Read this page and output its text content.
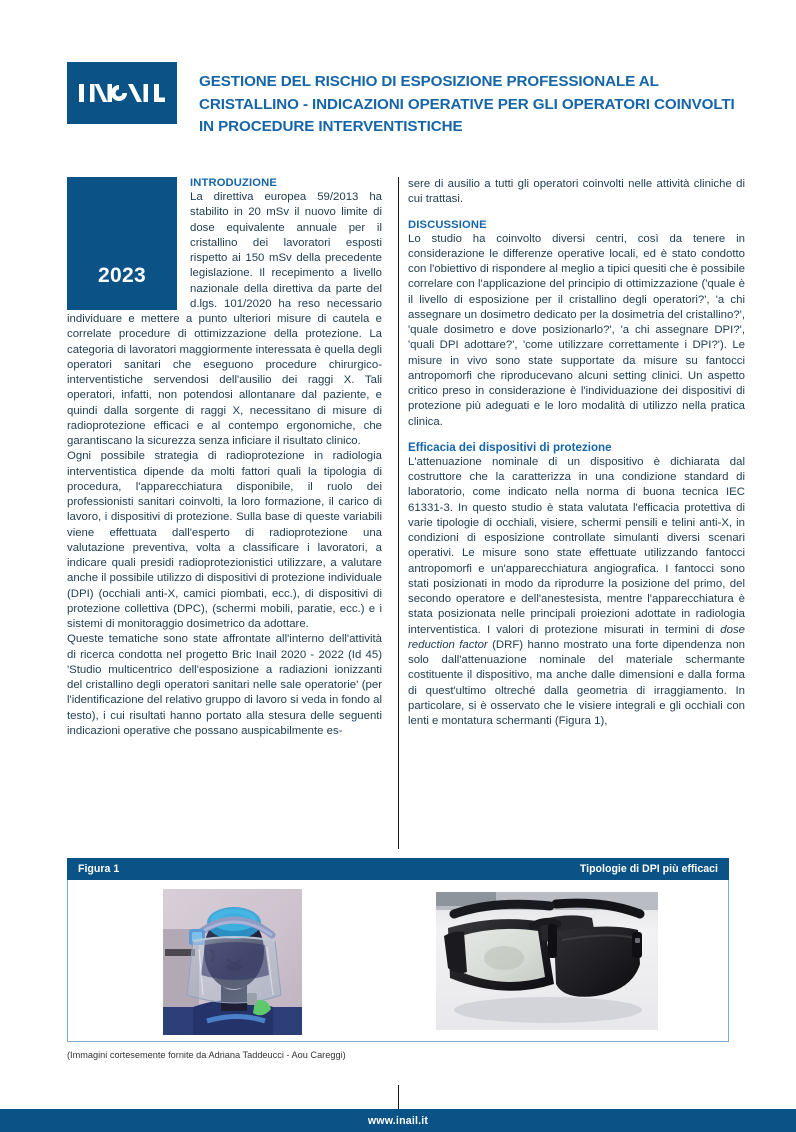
GESTIONE DEL RISCHIO DI ESPOSIZIONE PROFESSIONALE AL CRISTALLINO - INDICAZIONI OPERATIVE PER GLI OPERATORI COINVOLTI IN PROCEDURE INTERVENTISTICHE
2023
INTRODUZIONE

La direttiva europea 59/2013 ha stabilito in 20 mSv il nuovo limite di dose equivalente annuale per il cristallino dei lavoratori esposti rispetto ai 150 mSv della precedente legislazione. Il recepimento a livello nazionale della direttiva da parte del d.lgs. 101/2020 ha reso necessario individuare e mettere a punto ulteriori misure di cautela e correlate procedure di ottimizzazione della protezione. La categoria di lavoratori maggiormente interessata è quella degli operatori sanitari che eseguono procedure chirurgico-interventistiche servendosi dell'ausilio dei raggi X. Tali operatori, infatti, non potendosi allontanare dal paziente, e quindi dalla sorgente di raggi X, necessitano di misure di radioprotezione efficaci e al contempo ergonomiche, che garantiscano la sicurezza senza inficiare il risultato clinico.

Ogni possibile strategia di radioprotezione in radiologia interventistica dipende da molti fattori quali la tipologia di procedura, l'apparecchiatura disponibile, il ruolo dei professionisti sanitari coinvolti, la loro formazione, il carico di lavoro, i dispositivi di protezione. Sulla base di queste variabili viene effettuata dall'esperto di radioprotezione una valutazione preventiva, volta a classificare i lavoratori, a indicare quali presidi radioprotezionistici utilizzare, a valutare anche il possibile utilizzo di dispositivi di protezione individuale (DPI) (occhiali anti-X, camici piombati, ecc.), di dispositivi di protezione collettiva (DPC), (schermi mobili, paratie, ecc.) e i sistemi di monitoraggio dosimetrico da adottare.

Queste tematiche sono state affrontate all'interno dell'attività di ricerca condotta nel progetto Bric Inail 2020 - 2022 (Id 45) 'Studio multicentrico dell'esposizione a radiazioni ionizzanti del cristallino degli operatori sanitari nelle sale operatorie' (per l'identificazione del relativo gruppo di lavoro si veda in fondo al testo), i cui risultati hanno portato alla stesura delle seguenti indicazioni operative che possano auspicabilmente es-

sere di ausilio a tutti gli operatori coinvolti nelle attività cliniche di cui trattasi.

DISCUSSIONE

Lo studio ha coinvolto diversi centri, così da tenere in considerazione le differenze operative locali, ed è stato condotto con l'obiettivo di rispondere al meglio a tipici quesiti che è possibile correlare con l'applicazione del principio di ottimizzazione ('quale è il livello di esposizione per il cristallino degli operatori?', 'a chi assegnare un dosimetro dedicato per la dosimetria del cristallino?', 'quale dosimetro e dove posizionarlo?', 'a chi assegnare DPI?', 'quali DPI adottare?', 'come utilizzare correttamente i DPI?'). Le misure in vivo sono state supportate da misure su fantocci antropomorfi che riproducevano alcuni setting clinici. Un aspetto critico preso in considerazione è l'individuazione dei dispositivi di protezione più adeguati e le loro modalità di utilizzo nella pratica clinica.

Efficacia dei dispositivi di protezione

L'attenuazione nominale di un dispositivo è dichiarata dal costruttore che la caratterizza in una condizione standard di laboratorio, come indicato nella norma di buona tecnica IEC 61331-3. In questo studio è stata valutata l'efficacia protettiva di varie tipologie di occhiali, visiere, schermi pensili e telini anti-X, in condizioni di esposizione controllate simulanti diversi scenari operativi. Le misure sono state effettuate utilizzando fantocci antropomorfi e un'apparecchiatura angiografica. I fantocci sono stati posizionati in modo da riprodurre la posizione del primo, del secondo operatore e dell'anestesista, mentre l'apparecchiatura è stata posizionata nelle principali proiezioni adottate in radiologia interventistica. I valori di protezione misurati in termini di dose reduction factor (DRF) hanno mostrato una forte dipendenza non solo dall'attenuazione nominale del materiale schermante costituente il dispositivo, ma anche dalle dimensioni e dalla forma di quest'ultimo oltreché dalla geometria di irraggiamento. In particolare, si è osservato che le visiere integrali e gli occhiali con lenti e montatura schermanti (Figura 1),

Figura 1	Tipologie di DPI più efficaci
(Immagini cortesemente fornite da Adriana Taddeucci - Aou Careggi)
www.inail.it
